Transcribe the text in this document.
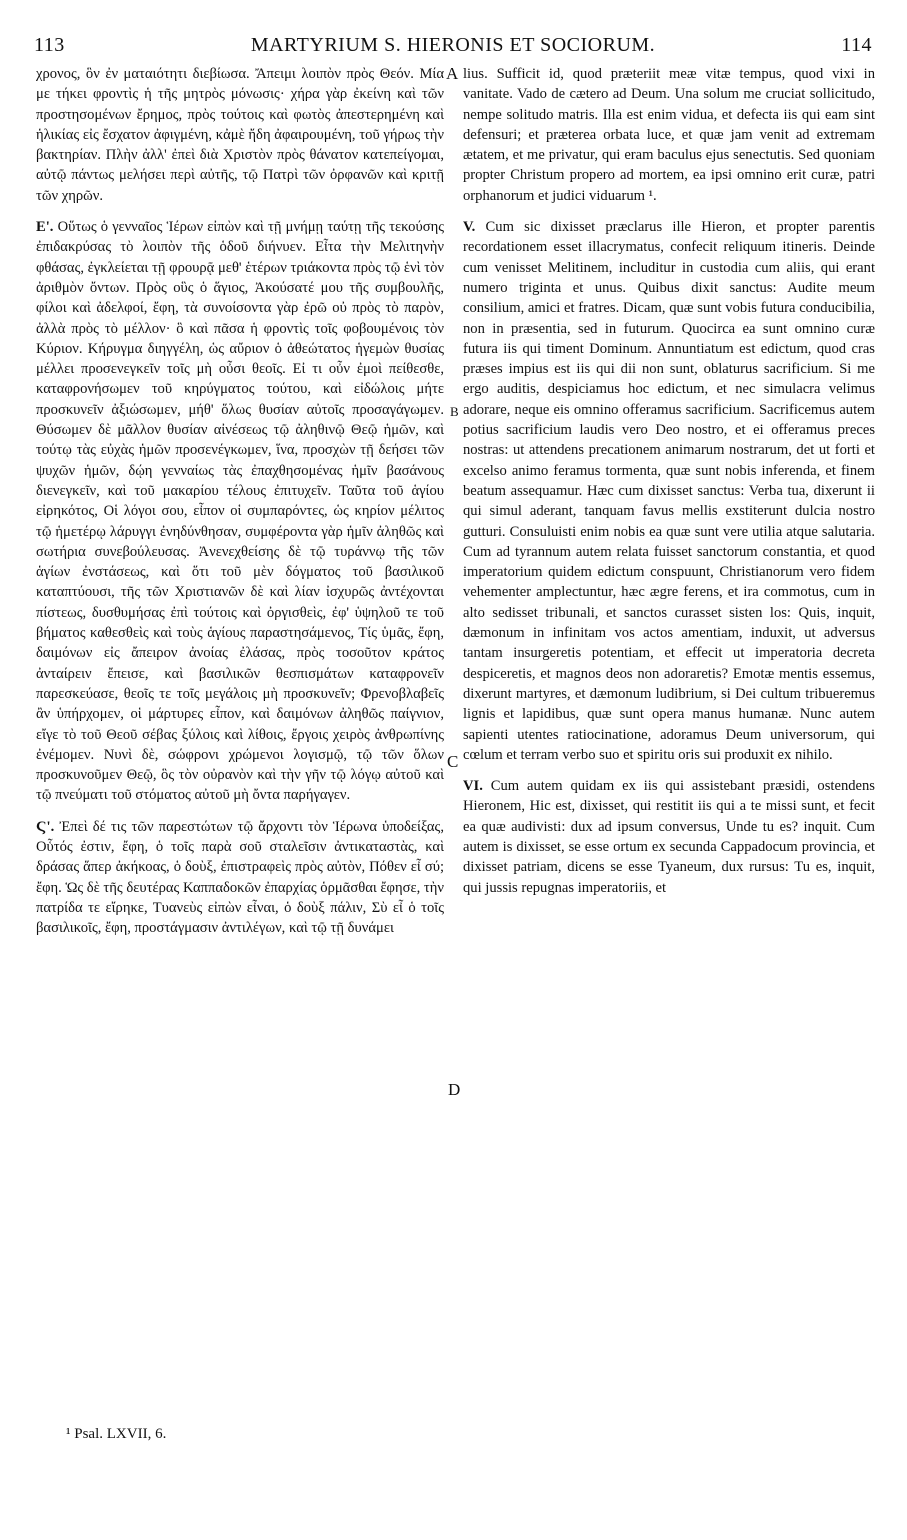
113	MARTYRIUM S. HIERONIS ET SOCIORUM.	114

χρονος, ὃν ἐν ματαιότητι διεβίωσα. Ἄπειμι λοιπὸν πρὸς Θεόν. Μία με τήκει φροντὶς ἡ τῆς μητρὸς μόνωσις· χήρα γὰρ ἐκείνη καὶ τῶν προστησομένων ἔρημος, πρὸς τούτοις καὶ φωτὸς ἀπεστερημένη καὶ ἡλικίας εἰς ἔσχατον ἀφιγμένη, κἀμὲ ἤδη ἀφαιρουμένη, τοῦ γήρως τὴν βακτηρίαν. Πλὴν ἀλλ' ἐπεὶ διὰ Χριστὸν πρὸς θάνατον κατεπείγομαι, αὐτῷ πάντως μελήσει περὶ αὐτῆς, τῷ Πατρὶ τῶν ὀρφανῶν καὶ κριτῇ τῶν χηρῶν.

Ε'. Οὕτως ὁ γενναῖος Ἱέρων εἰπὼν καὶ τῇ μνήμῃ ταύτῃ τῆς τεκούσης ἐπιδακρύσας τὸ λοιπὸν τῆς ὁδοῦ διήνυεν. Εἶτα τὴν Μελιτηνὴν φθάσας, ἐγκλείεται τῇ φρουρᾷ μεθ' ἑτέρων τριάκοντα πρὸς τῷ ἑνὶ τὸν ἀριθμὸν ὄντων. Πρὸς οὓς ὁ ἅγιος, Ἀκούσατέ μου τῆς συμβουλῆς, φίλοι καὶ ἀδελφοί, ἔφη, τὰ συνοίσοντα γὰρ ἐρῶ οὐ πρὸς τὸ παρὸν, ἀλλὰ πρὸς τὸ μέλλον· ὃ καὶ πᾶσα ἡ φροντὶς τοῖς φοβουμένοις τὸν Κύριον. Κήρυγμα διηγγέλη, ὡς αὔριον ὁ ἀθεώτατος ἡγεμὼν θυσίας μέλλει προσενεγκεῖν τοῖς μὴ οὖσι θεοῖς. Εἰ τι οὖν ἐμοὶ πείθεσθε, καταφρονήσωμεν τοῦ κηρύγματος τούτου, καὶ εἰδώλοις μήτε προσκυνεῖν ἀξιώσωμεν, μήθ' ὅλως θυσίαν αὐτοῖς προσαγάγωμεν. Θύσωμεν δὲ μᾶλλον θυσίαν αἰνέσεως τῷ ἀληθινῷ Θεῷ ἡμῶν, καὶ τούτῳ τὰς εὐχὰς ἡμῶν προσενέγκωμεν, ἵνα, προσχὼν τῇ δεήσει τῶν ψυχῶν ἡμῶν, δῴη γενναίως τὰς ἐπαχθησομένας ἡμῖν βασάνους διενεγκεῖν, καὶ τοῦ μακαρίου τέλους ἐπιτυχεῖν. Ταῦτα τοῦ ἁγίου εἰρηκότος, Οἱ λόγοι σου, εἶπον οἱ συμπαρόντες, ὡς κηρίον μέλιτος τῷ ἡμετέρῳ λάρυγγι ἐνηδύνθησαν, συμφέροντα γὰρ ἡμῖν ἀληθῶς καὶ σωτήρια συνεβούλευσας. Ἀνενεχθείσης δὲ τῷ τυράννῳ τῆς τῶν ἁγίων ἐνστάσεως, καὶ ὅτι τοῦ μὲν δόγματος τοῦ βασιλικοῦ καταπτύουσι, τῆς τῶν Χριστιανῶν δὲ καὶ λίαν ἰσχυρῶς ἀντέχονται πίστεως, δυσθυμήσας ἐπὶ τούτοις καὶ ὀργισθεὶς, ἐφ' ὑψηλοῦ τε τοῦ βήματος καθεσθεὶς καὶ τοὺς ἁγίους παραστησάμενος, Τίς ὑμᾶς, ἔφη, δαιμόνων εἰς ἄπειρον ἀνοίας ἐλάσας, πρὸς τοσοῦτον κράτος ἀνταίρειν ἔπεισε, καὶ βασιλικῶν θεσπισμάτων καταφρονεῖν παρεσκεύασε, θεοῖς τε τοῖς μεγάλοις μὴ προσκυνεῖν; Φρενοβλαβεῖς ἂν ὑπήρχομεν, οἱ μάρτυρες εἶπον, καὶ δαιμόνων ἀληθῶς παίγνιον, εἴγε τὸ τοῦ Θεοῦ σέβας ξύλοις καὶ λίθοις, ἔργοις χειρὸς ἀνθρωπίνης ἐνέμομεν. Νυνὶ δὲ, σώφρονι χρώμενοι λογισμῷ, τῷ τῶν ὅλων προσκυνοῦμεν Θεῷ, ὃς τὸν οὐρανὸν καὶ τὴν γῆν τῷ λόγῳ αὐτοῦ καὶ τῷ πνεύματι τοῦ στόματος αὐτοῦ μὴ ὄντα παρήγαγεν.

Ϛ'. Ἐπεὶ δέ τις τῶν παρεστώτων τῷ ἄρχοντι τὸν Ἱέρωνα ὑποδείξας, Οὗτός ἐστιν, ἔφη, ὁ τοῖς παρὰ σοῦ σταλεῖσιν ἀντικαταστὰς, καὶ δράσας ἅπερ ἀκήκοας, ὁ δοὺξ, ἐπιστραφεὶς πρὸς αὐτὸν, Πόθεν εἶ σύ; ἔφη. Ὡς δὲ τῆς δευτέρας Καππαδοκῶν ἐπαρχίας ὁρμᾶσθαι ἔφησε, τὴν πατρίδα τε εἴρηκε, Τυανεὺς εἰπὼν εἶναι, ὁ δοὺξ πάλιν, Σὺ εἶ ὁ τοῖς βασιλικοῖς, ἔφη, προστάγμασιν ἀντιλέγων, καὶ τῷ τῇ δυνάμει

lius. Sufficit id, quod præteriit meæ vitæ tempus, quod vixi in vanitate. Vado de cætero ad Deum. Una solum me cruciat sollicitudo, nempe solitudo matris. Illa est enim vidua, et defecta iis qui eam sint defensuri; et præterea orbata luce, et quæ jam venit ad extremam ætatem, et me privatur, qui eram baculus ejus senectutis. Sed quoniam propter Christum propero ad mortem, ea ipsi omnino erit curæ, patri orphanorum et judici viduarum ¹.

V. Cum sic dixisset præclarus ille Hieron, et propter parentis recordationem esset illacrymatus, confecit reliquum itineris. Deinde cum venisset Melitinem, includitur in custodia cum aliis, qui erant numero triginta et unus. Quibus dixit sanctus: Audite meum consilium, amici et fratres. Dicam, quæ sunt vobis futura conducibilia, non in præsentia, sed in futurum. Quocirca ea sunt omnino curæ futura iis qui timent Dominum. Annuntiatum est edictum, quod cras præses impius est iis qui dii non sunt, oblaturus sacrificium. Si me ergo auditis, despiciamus hoc edictum, et nec simulacra velimus adorare, neque eis omnino offeramus sacrificium. Sacrificemus autem potius sacrificium laudis vero Deo nostro, et ei offeramus preces nostras: ut attendens precationem animarum nostrarum, det ut forti et excelso animo feramus tormenta, quæ sunt nobis inferenda, et finem beatum assequamur. Hæc cum dixisset sanctus: Verba tua, dixerunt ii qui simul aderant, tanquam favus mellis exstiterunt dulcia nostro gutturi. Consuluisti enim nobis ea quæ sunt vere utilia atque salutaria. Cum ad tyrannum autem relata fuisset sanctorum constantia, et quod imperatorium quidem edictum conspuunt, Christianorum vero fidem vehementer amplectuntur, hæc ægre ferens, et ira commotus, cum in alto sedisset tribunali, et sanctos curasset sisten los: Quis, inquit, dæmonum in infinitam vos actos amentiam, induxit, ut adversus tantam insurgeretis potentiam, et effecit ut imperatoria decreta despiceretis, et magnos deos non adoraretis? Emotæ mentis essemus, dixerunt martyres, et dæmonum ludibrium, si Dei cultum tribueremus lignis et lapidibus, quæ sunt opera manus humanæ. Nunc autem sapienti utentes ratiocinatione, adoramus Deum universorum, qui cœlum et terram verbo suo et spiritu oris sui produxit ex nihilo.

VI. Cum autem quidam ex iis qui assistebant præsidi, ostendens Hieronem, Hic est, dixisset, qui restitit iis qui a te missi sunt, et fecit ea quæ audivisti: dux ad ipsum conversus, Unde tu es? inquit. Cum autem is dixisset, se esse ortum ex secunda Cappadocum provincia, et dixisset patriam, dicens se esse Tyaneum, dux rursus: Tu es, inquit, qui jussis repugnas imperatoriis, et

A
B
C
D
¹ Psal. LXVII, 6.
